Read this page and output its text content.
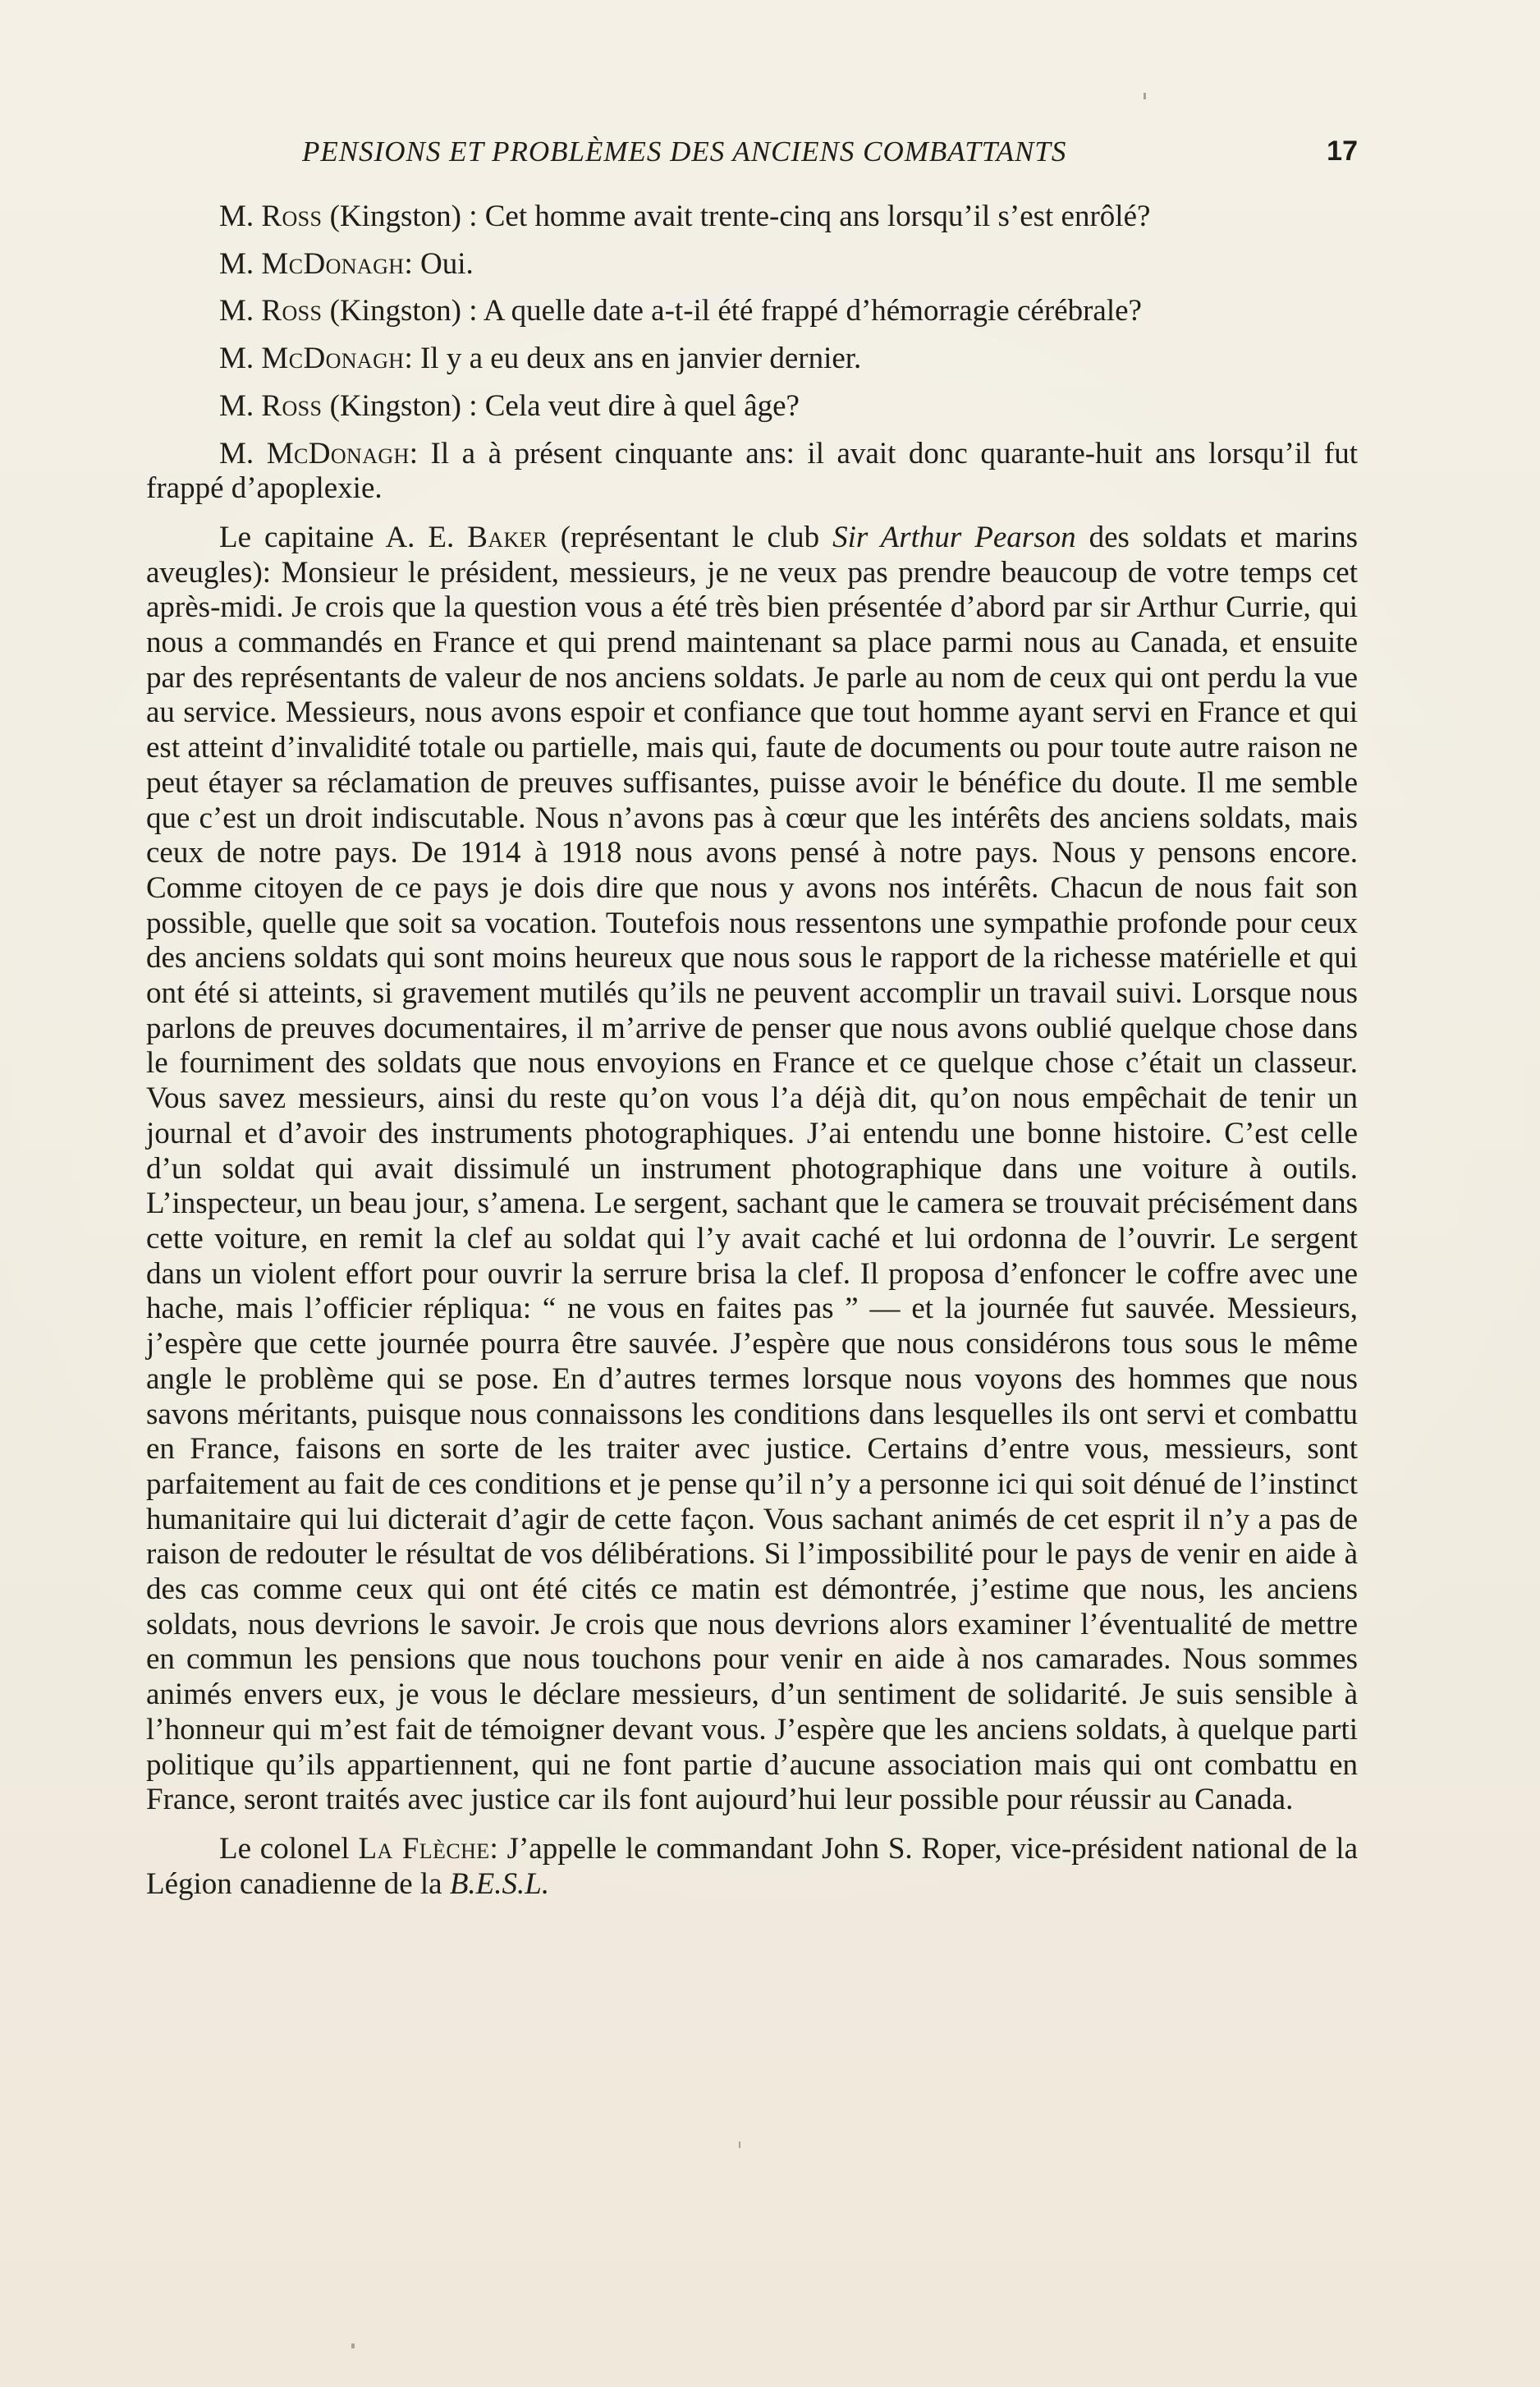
PENSIONS ET PROBLÈMES DES ANCIENS COMBATTANTS	17

M. Ross (Kingston) : Cet homme avait trente-cinq ans lorsqu’il s’est enrôlé?

M. McDonagh: Oui.

M. Ross (Kingston) : A quelle date a-t-il été frappé d’hémorragie cérébrale?

M. McDonagh: Il y a eu deux ans en janvier dernier.

M. Ross (Kingston) : Cela veut dire à quel âge?

M. McDonagh: Il a à présent cinquante ans: il avait donc quarante-huit ans lorsqu’il fut frappé d’apoplexie.

Le capitaine A. E. Baker (représentant le club Sir Arthur Pearson des soldats et marins aveugles): Monsieur le président, messieurs, je ne veux pas prendre beaucoup de votre temps cet après-midi. Je crois que la question vous a été très bien présentée d’abord par sir Arthur Currie, qui nous a commandés en France et qui prend maintenant sa place parmi nous au Canada, et ensuite par des représentants de valeur de nos anciens soldats. Je parle au nom de ceux qui ont perdu la vue au service. Messieurs, nous avons espoir et confiance que tout homme ayant servi en France et qui est atteint d’invalidité totale ou partielle, mais qui, faute de documents ou pour toute autre raison ne peut étayer sa réclamation de preuves suffisantes, puisse avoir le bénéfice du doute. Il me semble que c’est un droit indiscutable. Nous n’avons pas à cœur que les intérêts des anciens soldats, mais ceux de notre pays. De 1914 à 1918 nous avons pensé à notre pays. Nous y pensons encore. Comme citoyen de ce pays je dois dire que nous y avons nos intérêts. Chacun de nous fait son possible, quelle que soit sa vocation. Toutefois nous ressentons une sympathie profonde pour ceux des anciens soldats qui sont moins heureux que nous sous le rapport de la richesse matérielle et qui ont été si atteints, si gravement mutilés qu’ils ne peuvent accomplir un travail suivi. Lorsque nous parlons de preuves documentaires, il m’arrive de penser que nous avons oublié quelque chose dans le fourniment des soldats que nous envoyions en France et ce quelque chose c’était un classeur. Vous savez messieurs, ainsi du reste qu’on vous l’a déjà dit, qu’on nous empêchait de tenir un journal et d’avoir des instruments photographiques. J’ai entendu une bonne histoire. C’est celle d’un soldat qui avait dissimulé un instrument photographique dans une voiture à outils. L’inspecteur, un beau jour, s’amena. Le sergent, sachant que le camera se trouvait précisément dans cette voiture, en remit la clef au soldat qui l’y avait caché et lui ordonna de l’ouvrir. Le sergent dans un violent effort pour ouvrir la serrure brisa la clef. Il proposa d’enfoncer le coffre avec une hache, mais l’officier répliqua: “ ne vous en faites pas ” — et la journée fut sauvée. Messieurs, j’espère que cette journée pourra être sauvée. J’espère que nous considérons tous sous le même angle le problème qui se pose. En d’autres termes lorsque nous voyons des hommes que nous savons méritants, puisque nous connaissons les conditions dans lesquelles ils ont servi et combattu en France, faisons en sorte de les traiter avec justice. Certains d’entre vous, messieurs, sont parfaitement au fait de ces conditions et je pense qu’il n’y a personne ici qui soit dénué de l’instinct humanitaire qui lui dicterait d’agir de cette façon. Vous sachant animés de cet esprit il n’y a pas de raison de redouter le résultat de vos délibérations. Si l’impossibilité pour le pays de venir en aide à des cas comme ceux qui ont été cités ce matin est démontrée, j’estime que nous, les anciens soldats, nous devrions le savoir. Je crois que nous devrions alors examiner l’éventualité de mettre en commun les pensions que nous touchons pour venir en aide à nos camarades. Nous sommes animés envers eux, je vous le déclare messieurs, d’un sentiment de solidarité. Je suis sensible à l’honneur qui m’est fait de témoigner devant vous. J’espère que les anciens soldats, à quelque parti politique qu’ils appartiennent, qui ne font partie d’aucune association mais qui ont combattu en France, seront traités avec justice car ils font aujourd’hui leur possible pour réussir au Canada.

Le colonel La Flèche: J’appelle le commandant John S. Roper, vice-président national de la Légion canadienne de la B.E.S.L.
